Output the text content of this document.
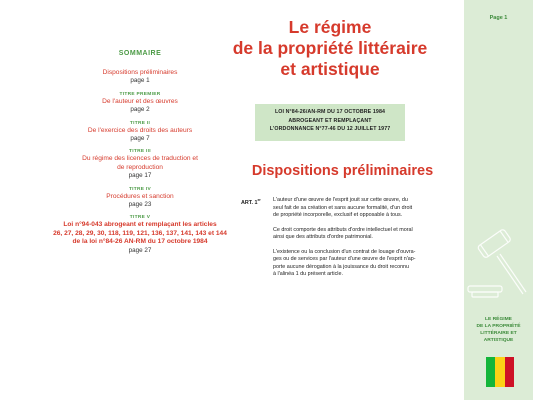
SOMMAIRE
Dispositions préliminaires
page 1
TITRE PREMIER
De l'auteur et des œuvres
page 2
TITRE II
De l'exercice des droits des auteurs
page 7
TITRE III
Du régime des licences de traduction et
de reproduction
page 17
TITRE IV
Procédures et sanction
page 23
TITRE V
Loi n°94-043 abrogeant et remplaçant les articles
26, 27, 28, 29, 30, 118, 119, 121, 136, 137, 141, 143 et 144
de la loi n°84-26 AN-RM du 17 octobre 1984
page 27
Le régime
de la propriété littéraire
et artistique
LOI N°84-26/AN-RM DU 17 OCTOBRE 1984
ABROGEANT ET REMPLAÇANT
L'ORDONNANCE N°77-46 DU 12 JUILLET 1977
Dispositions préliminaires
ART. 1er L'auteur d'une œuvre de l'esprit jouit sur cette œuvre, du
seul fait de sa création et sans aucune formalité, d'un droit
de propriété incorporelle, exclusif et opposable à tous.

Ce droit comporte des attributs d'ordre intellectuel et moral
ainsi que des attributs d'ordre patrimonial.

L'existence ou la conclusion d'un contrat de louage d'ouvra-
ges ou de services par l'auteur d'une œuvre de l'esprit n'ap-
porte aucune dérogation à la jouissance du droit reconnu
à l'alinéa 1 du présent article.

Page 1
LE RÉGIME
DE LA PROPRIÉTÉ
LITTÉRAIRE ET
ARTISTIQUE
